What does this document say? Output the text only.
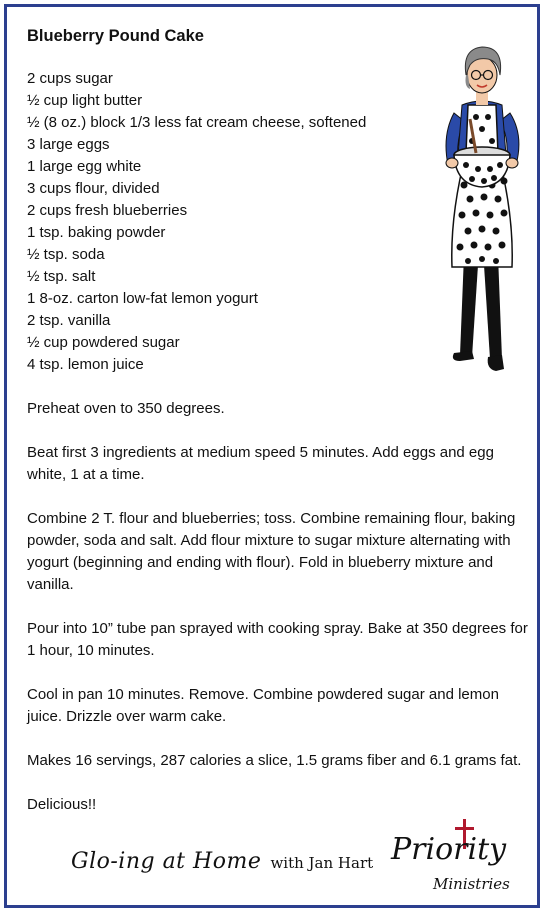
Blueberry Pound Cake
2 cups sugar
½ cup light butter
½ (8 oz.) block 1/3 less fat cream cheese, softened
3 large eggs
1 large egg white
3 cups flour, divided
2 cups fresh blueberries
1 tsp. baking powder
½ tsp. soda
½ tsp. salt
1 8-oz. carton low-fat lemon yogurt
2 tsp. vanilla
½ cup powdered sugar
4 tsp. lemon juice

Preheat oven to 350 degrees.

Beat first 3 ingredients at medium speed 5 minutes. Add eggs and egg white, 1 at a time.

Combine 2 T. flour and blueberries; toss. Combine remaining flour, baking powder, soda and salt. Add flour mixture to sugar mixture alternating with yogurt (beginning and ending with flour). Fold in blueberry mixture and vanilla.

Pour into 10” tube pan sprayed with cooking spray. Bake at 350 degrees for 1 hour, 10 minutes.

Cool in pan 10 minutes. Remove. Combine powdered sugar and lemon juice. Drizzle over warm cake.

Makes 16 servings, 287 calories a slice, 1.5 grams fiber and 6.1 grams fat.

Delicious!!

Glo-ing at Home with Jan Hart Priority
Ministries
